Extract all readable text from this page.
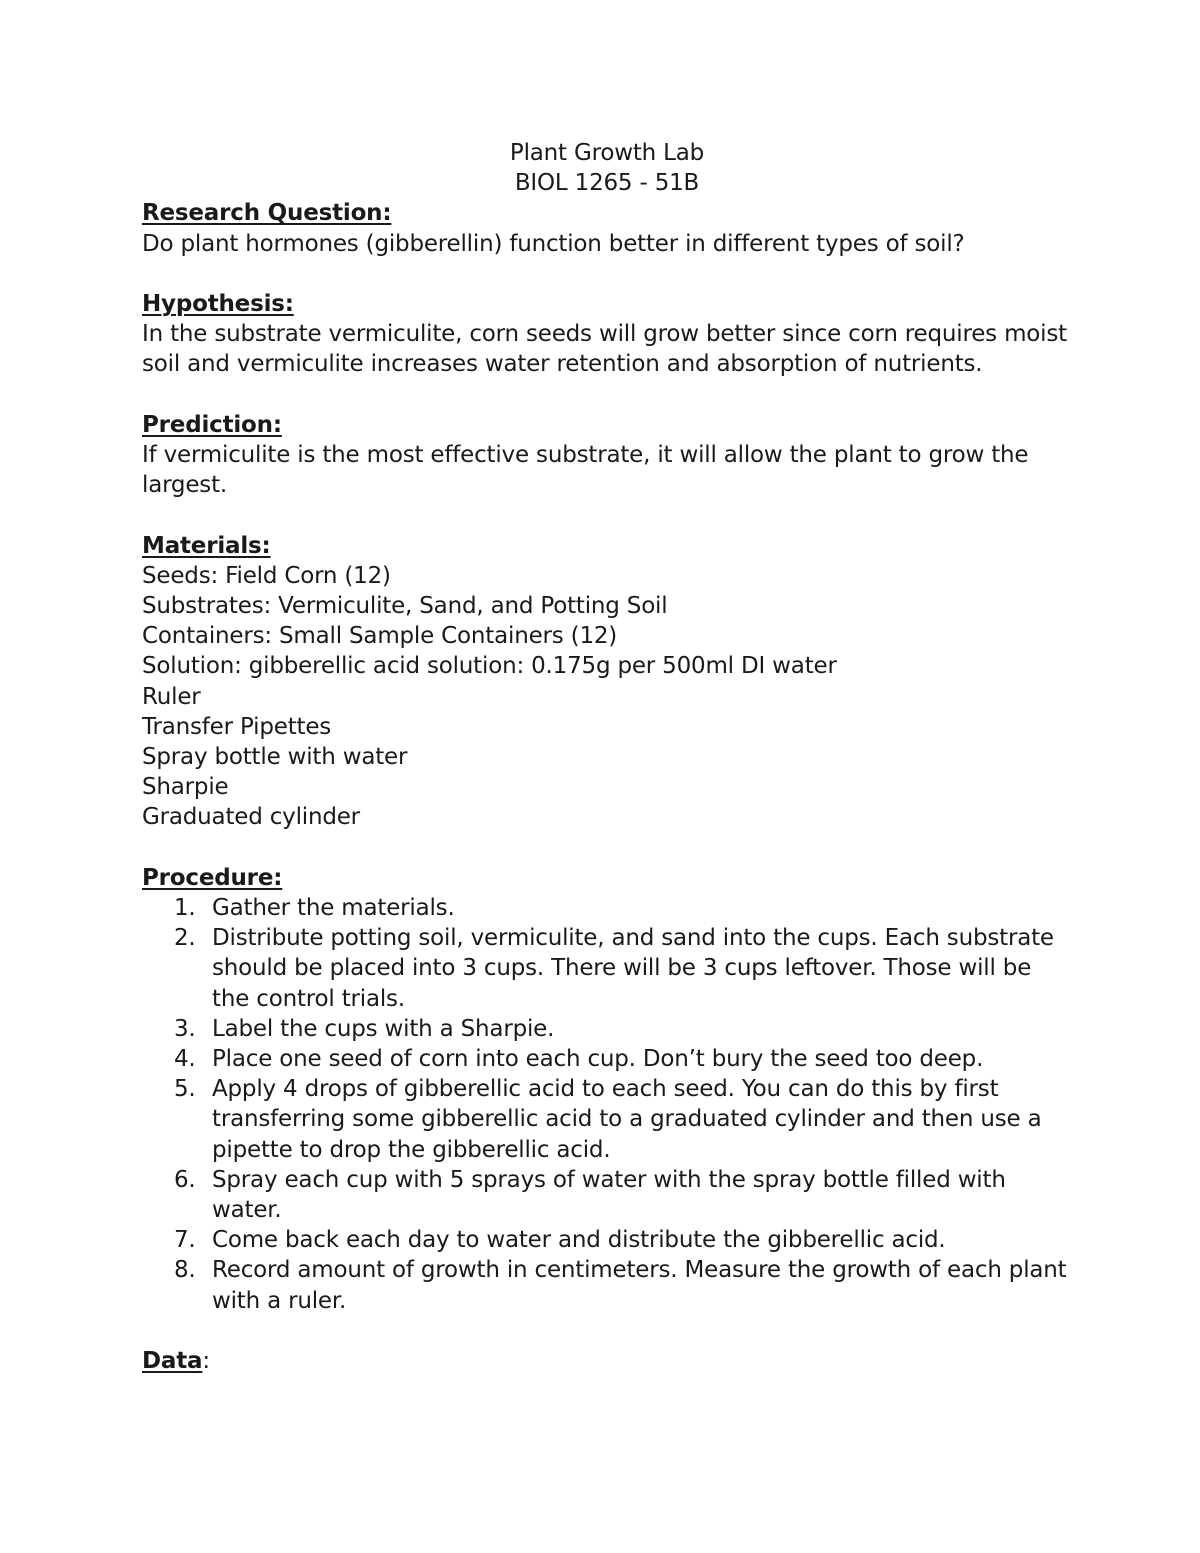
Plant Growth Lab

BIOL 1265 - 51B

Research Question:

Do plant hormones (gibberellin) function better in different types of soil?

Hypothesis:

In the substrate vermiculite, corn seeds will grow better since corn requires moist soil and vermiculite increases water retention and absorption of nutrients.

Prediction:

If vermiculite is the most effective substrate, it will allow the plant to grow the largest.

Materials:

Seeds: Field Corn (12)

Substrates: Vermiculite, Sand, and Potting Soil

Containers: Small Sample Containers (12)

Solution: gibberellic acid solution: 0.175g per 500ml DI water

Ruler

Transfer Pipettes

Spray bottle with water

Sharpie

Graduated cylinder

Procedure:

1. Gather the materials.
2. Distribute potting soil, vermiculite, and sand into the cups. Each substrate should be placed into 3 cups. There will be 3 cups leftover. Those will be the control trials.
3. Label the cups with a Sharpie.
4. Place one seed of corn into each cup. Don’t bury the seed too deep.
5. Apply 4 drops of gibberellic acid to each seed. You can do this by first transferring some gibberellic acid to a graduated cylinder and then use a pipette to drop the gibberellic acid.
6. Spray each cup with 5 sprays of water with the spray bottle filled with water.
7. Come back each day to water and distribute the gibberellic acid.
8. Record amount of growth in centimeters. Measure the growth of each plant with a ruler.

Data:
